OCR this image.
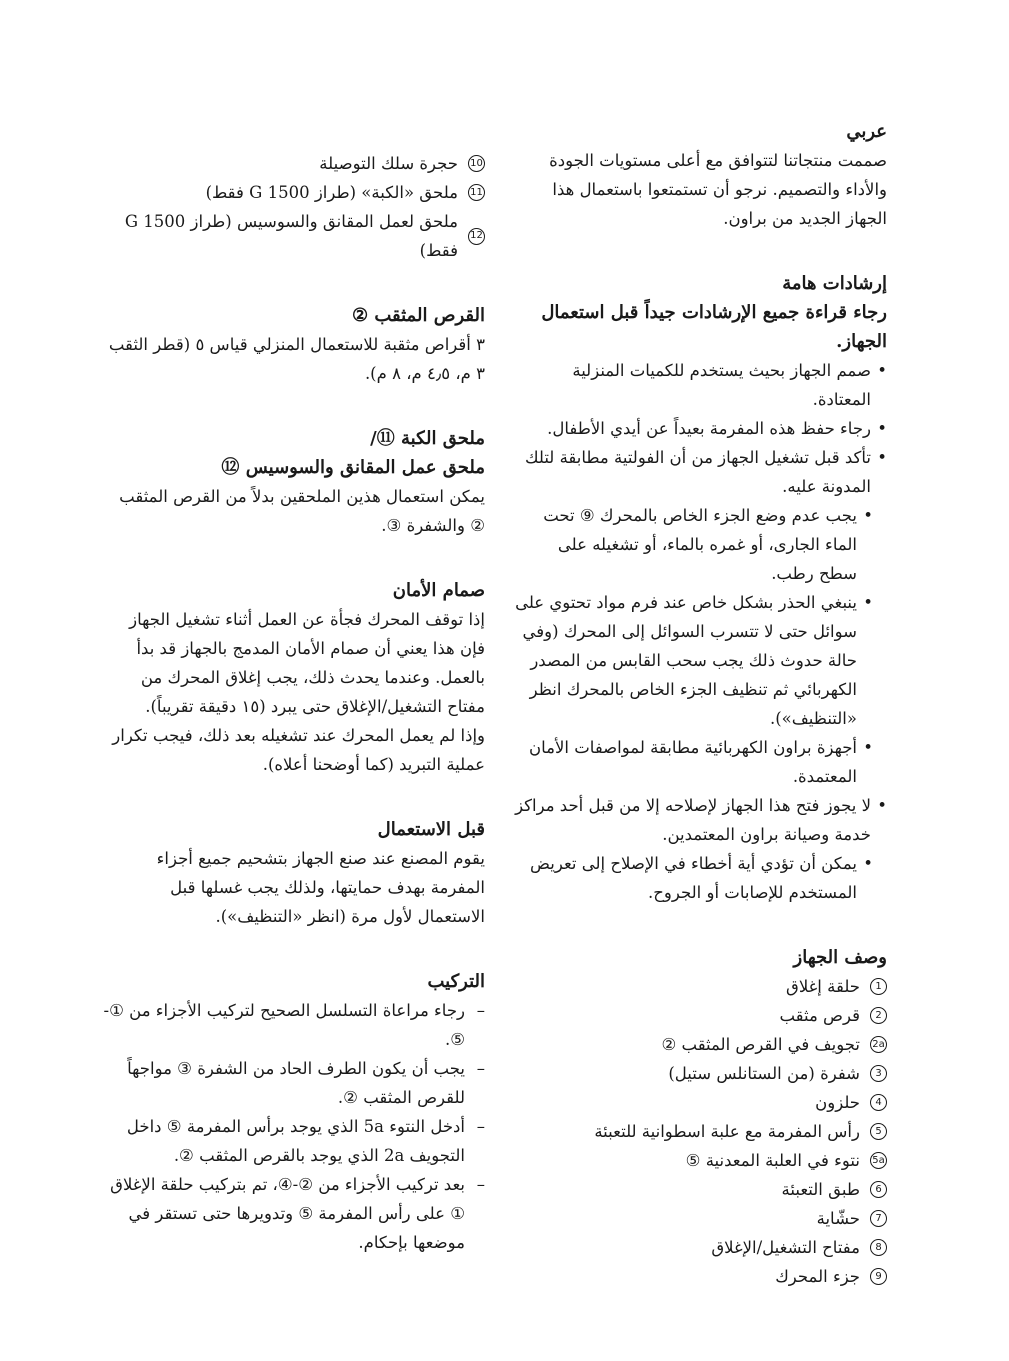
عربي

صممت منتجاتنا لتتوافق مع أعلى مستويات الجودة والأداء والتصميم. نرجو أن تستمتعوا باستعمال هذا الجهاز الجديد من براون.

إرشادات هامة

رجاء قراءة جميع الإرشادات جيداً قبل استعمال الجهاز.

• صمم الجهاز بحيث يستخدم للكميات المنزلية المعتادة.
• رجاء حفظ هذه المفرمة بعيداً عن أيدي الأطفال.
• تأكد قبل تشغيل الجهاز من أن الفولتية مطابقة لتلك المدونة عليه.
• يجب عدم وضع الجزء الخاص بالمحرك ⑨ تحت الماء الجارى، أو غمره بالماء، أو تشغيله على سطح رطب.
• ينبغي الحذر بشكل خاص عند فرم مواد تحتوي على سوائل حتى لا تتسرب السوائل إلى المحرك (وفي حالة حدوث ذلك يجب سحب القابس من المصدر الكهربائي ثم تنظيف الجزء الخاص بالمحرك انظر «التنظيف»).
• أجهزة براون الكهربائية مطابقة لمواصفات الأمان المعتمدة.
• لا يجوز فتح هذا الجهاز لإصلاحه إلا من قبل أحد مراكز خدمة وصيانة براون المعتمدين.
• يمكن أن تؤدي أية أخطاء في الإصلاح إلى تعريض المستخدم للإصابات أو الجروح.

وصف الجهاز

1
حلقة إغلاق
2
قرص مثقب
2a
تجويف في القرص المثقب ②
3
شفرة (من الستانلس ستيل)
4
حلزون
5
رأس المفرمة مع علبة اسطوانية للتعبئة
5a
نتوء في العلبة المعدنية ⑤
6
طبق التعبئة
7
حشّاية
8
مفتاح التشغيل/الإغلاق
9
جزء المحرك
10
حجرة سلك التوصيلة
11
ملحق «الكبة» (طراز G 1500 فقط)
12
ملحق لعمل المقانق والسوسيس (طراز G 1500 فقط)

القرص المثقب ②

٣ أقراص مثقبة للاستعمال المنزلي قياس ٥ (قطر الثقب ٣ م، ٤٫٥ م، ٨ م).

ملحق الكبة ⑪/

ملحق عمل المقانق والسوسيس ⑫

يمكن استعمال هذين الملحقين بدلاً من القرص المثقب ② والشفرة ③.

صمام الأمان

إذا توقف المحرك فجأة عن العمل أثناء تشغيل الجهاز فإن هذا يعني أن صمام الأمان المدمج بالجهاز قد بدأ بالعمل. وعندما يحدث ذلك، يجب إغلاق المحرك من مفتاح التشغيل/الإغلاق حتى يبرد (١٥ دقيقة تقريباً).

وإذا لم يعمل المحرك عند تشغيله بعد ذلك، فيجب تكرار عملية التبريد (كما أوضحنا أعلاه).

قبل الاستعمال

يقوم المصنع عند صنع الجهاز بتشحيم جميع أجزاء المفرمة بهدف حمايتها، ولذلك يجب غسلها قبل الاستعمال لأول مرة (انظر «التنظيف»).

التركيب

– رجاء مراعاة التسلسل الصحيح لتركيب الأجزاء من ①-⑤.
– يجب أن يكون الطرف الحاد من الشفرة ③ مواجهاً للقرص المثقب ②.
– أدخل النتوء 5a الذي يوجد برأس المفرمة ⑤ داخل التجويف 2a الذي يوجد بالقرص المثقب ②.
– بعد تركيب الأجزاء من ②-④، تم بتركيب حلقة الإغلاق ① على رأس المفرمة ⑤ وتدويرها حتى تستقر في موضعها بإحكام.
